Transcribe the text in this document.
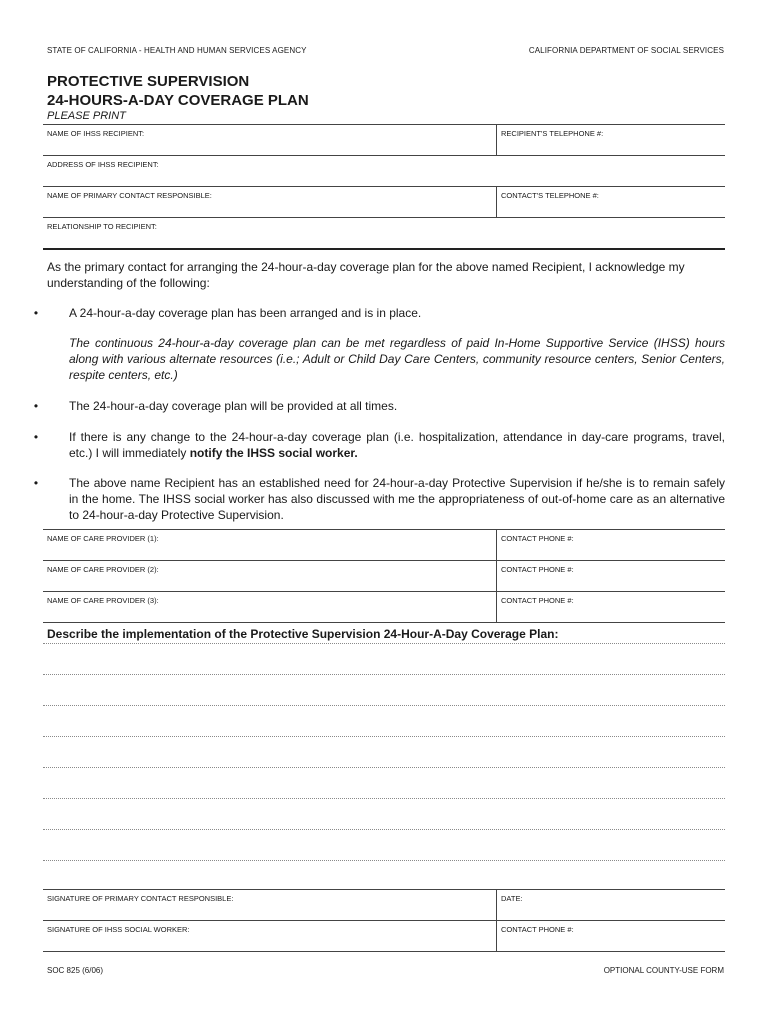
STATE OF CALIFORNIA - HEALTH AND HUMAN SERVICES AGENCY	CALIFORNIA DEPARTMENT OF SOCIAL SERVICES
PROTECTIVE SUPERVISION
24-HOURS-A-DAY COVERAGE PLAN
PLEASE PRINT
NAME OF IHSS RECIPIENT:	RECIPIENT'S TELEPHONE #:
ADDRESS OF IHSS RECIPIENT:
NAME OF PRIMARY CONTACT RESPONSIBLE:	CONTACT'S TELEPHONE #:
RELATIONSHIP TO RECIPIENT:
As the primary contact for arranging the 24-hour-a-day coverage plan for the above named Recipient, I acknowledge my understanding of the following:
•	A 24-hour-a-day coverage plan has been arranged and is in place.
The continuous 24-hour-a-day coverage plan can be met regardless of paid In-Home Supportive Service (IHSS) hours along with various alternate resources (i.e.; Adult or Child Day Care Centers, community resource centers, Senior Centers, respite centers, etc.)
•	The 24-hour-a-day coverage plan will be provided at all times.
•	If there is any change to the 24-hour-a-day coverage plan (i.e. hospitalization, attendance in day-care programs, travel, etc.) I will immediately notify the IHSS social worker.
•	The above name Recipient has an established need for 24-hour-a-day Protective Supervision if he/she is to remain safely in the home. The IHSS social worker has also discussed with me the appropriateness of out-of-home care as an alternative to 24-hour-a-day Protective Supervision.
NAME OF CARE PROVIDER (1):	CONTACT PHONE #:
NAME OF CARE PROVIDER (2):	CONTACT PHONE #:
NAME OF CARE PROVIDER (3):	CONTACT PHONE #:
Describe the implementation of the Protective Supervision 24-Hour-A-Day Coverage Plan:
SIGNATURE OF PRIMARY CONTACT RESPONSIBLE:	DATE:
SIGNATURE OF IHSS SOCIAL WORKER:	CONTACT PHONE #:
SOC 825 (6/06)	OPTIONAL COUNTY-USE FORM
